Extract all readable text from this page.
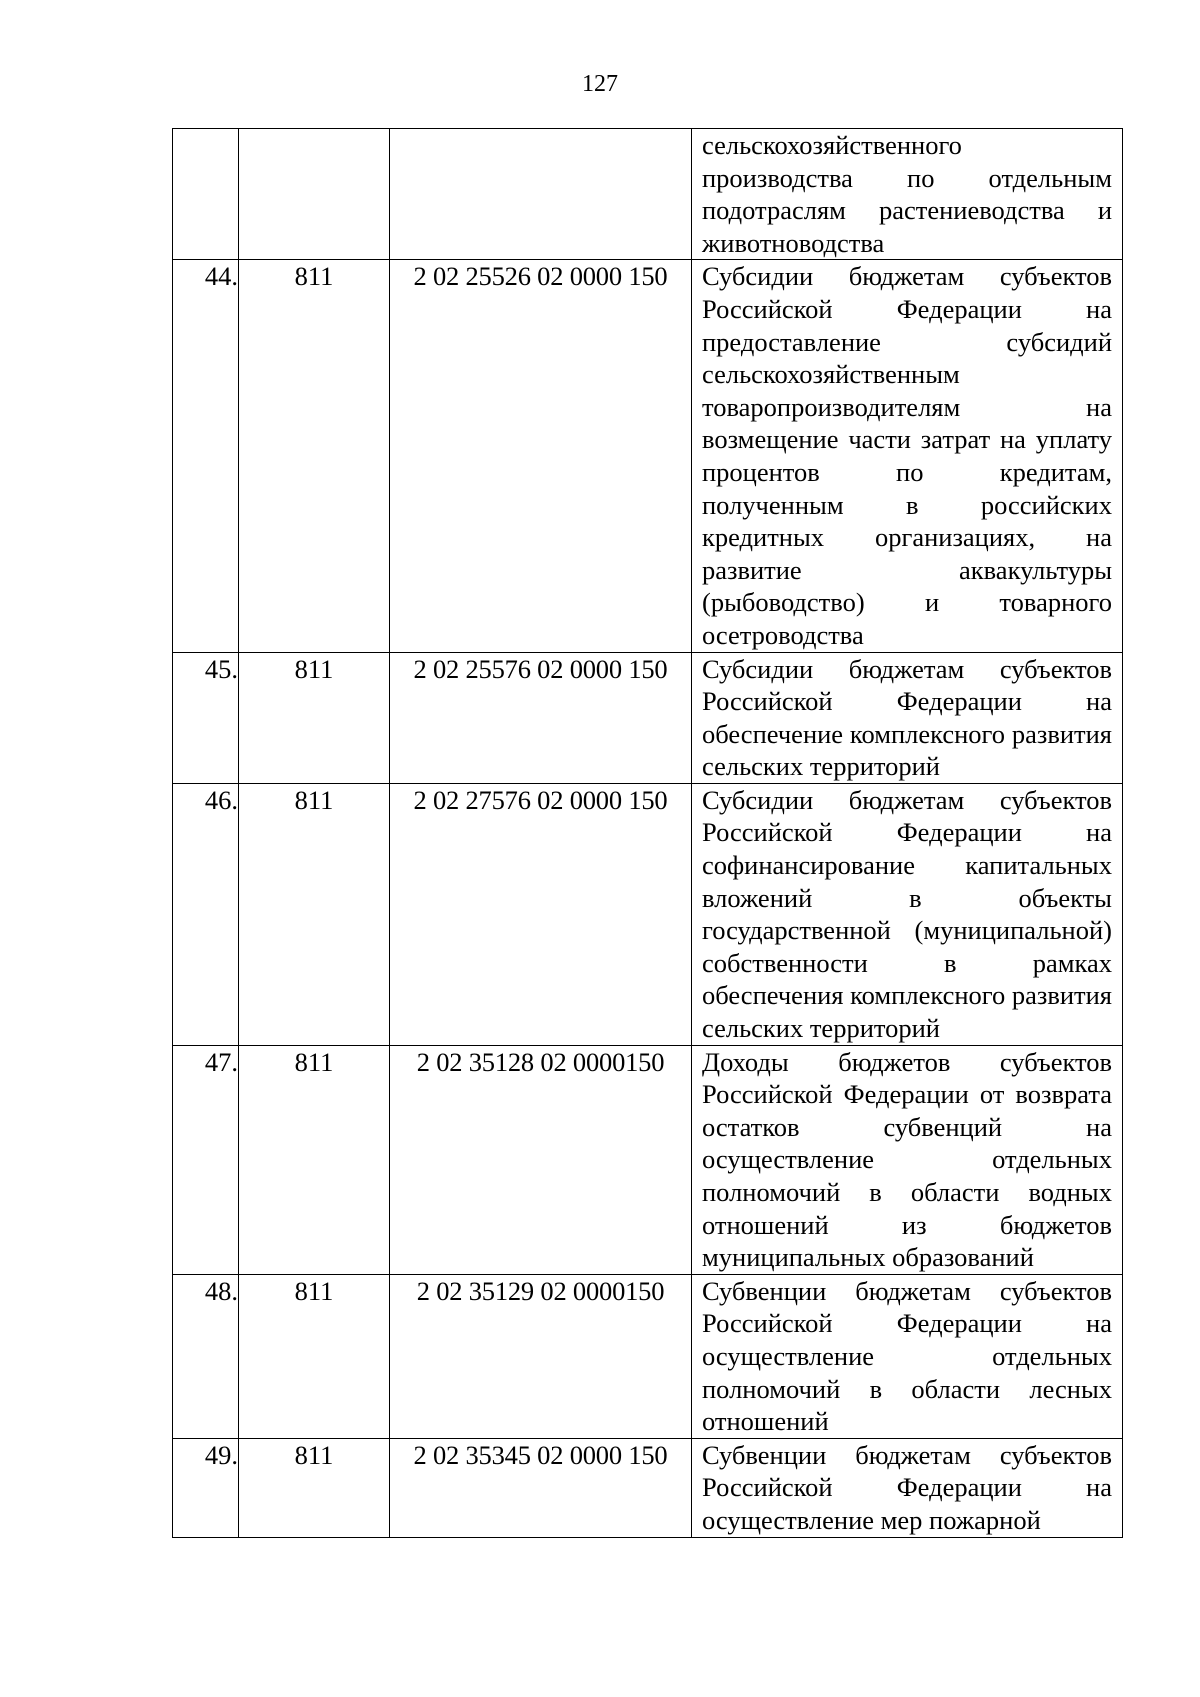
127
			сельскохозяйственного производства по отдельным подотраслям растениеводства и животноводства
44.	811	2 02 25526 02 0000 150	Субсидии бюджетам субъектов Российской Федерации на предоставление субсидий сельскохозяйственным товаропроизводителям на возмещение части затрат на уплату процентов по кредитам, полученным в российских кредитных организациях, на развитие аквакультуры (рыбоводство) и товарного осетроводства
45.	811	2 02 25576 02 0000 150	Субсидии бюджетам субъектов Российской Федерации на обеспечение комплексного развития сельских территорий
46.	811	2 02 27576 02 0000 150	Субсидии бюджетам субъектов Российской Федерации на софинансирование капитальных вложений в объекты государственной (муниципальной) собственности в рамках обеспечения комплексного развития сельских территорий
47.	811	2 02 35128 02 0000150	Доходы бюджетов субъектов Российской Федерации от возврата остатков субвенций на осуществление отдельных полномочий в области водных отношений из бюджетов муниципальных образований
48.	811	2 02 35129 02 0000150	Субвенции бюджетам субъектов Российской Федерации на осуществление отдельных полномочий в области лесных отношений
49.	811	2 02 35345 02 0000 150	Субвенции бюджетам субъектов Российской Федерации на осуществление мер пожарной
